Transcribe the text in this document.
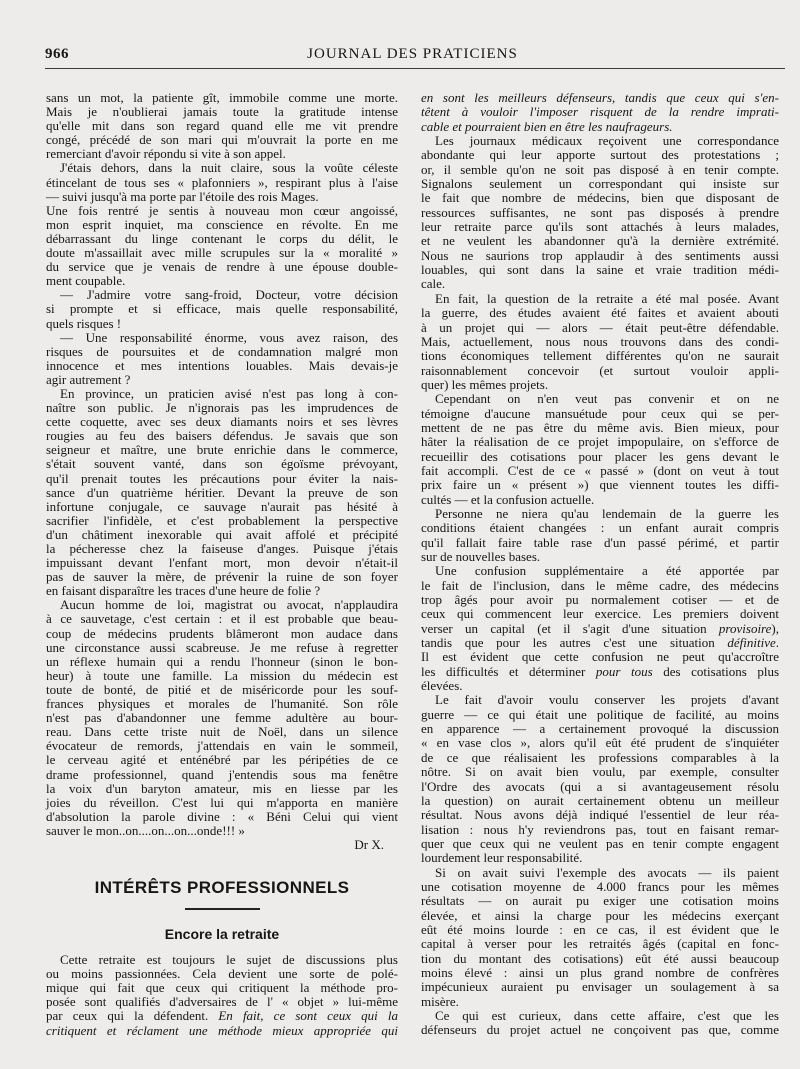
966	JOURNAL DES PRATICIENS
sans un mot, la patiente gît, immobile comme une morte.
Mais je n'oublierai jamais toute la gratitude intense
qu'elle mit dans son regard quand elle me vit prendre
congé, précédé de son mari qui m'ouvrait la porte en me
remerciant d'avoir répondu si vite à son appel.
J'étais dehors, dans la nuit claire, sous la voûte céleste
étincelant de tous ses « plafonniers », respirant plus à l'aise
— suivi jusqu'à ma porte par l'étoile des rois Mages.
Une fois rentré je sentis à nouveau mon cœur angoissé,
mon esprit inquiet, ma conscience en révolte. En me
débarrassant du linge contenant le corps du délit, le
doute m'assaillait avec mille scrupules sur la « moralité »
du service que je venais de rendre à une épouse double-
ment coupable.
— J'admire votre sang-froid, Docteur, votre décision
si prompte et si efficace, mais quelle responsabilité,
quels risques !
— Une responsabilité énorme, vous avez raison, des
risques de poursuites et de condamnation malgré mon
innocence et mes intentions louables. Mais devais-je
agir autrement ?
En province, un praticien avisé n'est pas long à con-
naître son public. Je n'ignorais pas les imprudences de
cette coquette, avec ses deux diamants noirs et ses lèvres
rougies au feu des baisers défendus. Je savais que son
seigneur et maître, une brute enrichie dans le commerce,
s'était souvent vanté, dans son égoïsme prévoyant,
qu'il prenait toutes les précautions pour éviter la nais-
sance d'un quatrième héritier. Devant la preuve de son
infortune conjugale, ce sauvage n'aurait pas hésité à
sacrifier l'infidèle, et c'est probablement la perspective
d'un châtiment inexorable qui avait affolé et précipité
la pécheresse chez la faiseuse d'anges. Puisque j'étais
impuissant devant l'enfant mort, mon devoir n'était-il
pas de sauver la mère, de prévenir la ruine de son foyer
en faisant disparaître les traces d'une heure de folie ?
Aucun homme de loi, magistrat ou avocat, n'applaudira
à ce sauvetage, c'est certain : et il est probable que beau-
coup de médecins prudents blâmeront mon audace dans
une circonstance aussi scabreuse. Je me refuse à regretter
un réflexe humain qui a rendu l'honneur (sinon le bon-
heur) à toute une famille. La mission du médecin est
toute de bonté, de pitié et de miséricorde pour les souf-
frances physiques et morales de l'humanité. Son rôle
n'est pas d'abandonner une femme adultère au bour-
reau. Dans cette triste nuit de Noël, dans un silence
évocateur de remords, j'attendais en vain le sommeil,
le cerveau agité et enténébré par les péripéties de ce
drame professionnel, quand j'entendis sous ma fenêtre
la voix d'un baryton amateur, mis en liesse par les
joies du réveillon. C'est lui qui m'apporta en manière
d'absolution la parole divine : « Béni Celui qui vient
sauver le mon..on....on...on...onde!!! »
Dr X.
INTÉRÊTS PROFESSIONNELS
Encore la retraite
Cette retraite est toujours le sujet de discussions plus
ou moins passionnées. Cela devient une sorte de polé-
mique qui fait que ceux qui critiquent la méthode pro-
posée sont qualifiés d'adversaires de l' « objet » lui-même
par ceux qui la défendent. En fait, ce sont ceux qui la
critiquent et réclament une méthode mieux appropriée qui
en sont les meilleurs défenseurs, tandis que ceux qui s'en-
têtent à vouloir l'imposer risquent de la rendre imprati-
cable et pourraient bien en être les naufrageurs.
Les journaux médicaux reçoivent une correspondance
abondante qui leur apporte surtout des protestations ;
or, il semble qu'on ne soit pas disposé à en tenir compte.
Signalons seulement un correspondant qui insiste sur
le fait que nombre de médecins, bien que disposant de
ressources suffisantes, ne sont pas disposés à prendre
leur retraite parce qu'ils sont attachés à leurs malades,
et ne veulent les abandonner qu'à la dernière extrémité.
Nous ne saurions trop applaudir à des sentiments aussi
louables, qui sont dans la saine et vraie tradition médi-
cale.
En fait, la question de la retraite a été mal posée. Avant
la guerre, des études avaient été faites et avaient abouti
à un projet qui — alors — était peut-être défendable.
Mais, actuellement, nous nous trouvons dans des condi-
tions économiques tellement différentes qu'on ne saurait
raisonnablement concevoir (et surtout vouloir appli-
quer) les mêmes projets.
Cependant on n'en veut pas convenir et on ne
témoigne d'aucune mansuétude pour ceux qui se per-
mettent de ne pas être du même avis. Bien mieux, pour
hâter la réalisation de ce projet impopulaire, on s'efforce de
recueillir des cotisations pour placer les gens devant le
fait accompli. C'est de ce « passé » (dont on veut à tout
prix faire un « présent ») que viennent toutes les diffi-
cultés — et la confusion actuelle.
Personne ne niera qu'au lendemain de la guerre les
conditions étaient changées : un enfant aurait compris
qu'il fallait faire table rase d'un passé périmé, et partir
sur de nouvelles bases.
Une confusion supplémentaire a été apportée par
le fait de l'inclusion, dans le même cadre, des médecins
trop âgés pour avoir pu normalement cotiser — et de
ceux qui commencent leur exercice. Les premiers doivent
verser un capital (et il s'agit d'une situation provisoire),
tandis que pour les autres c'est une situation définitive.
Il est évident que cette confusion ne peut qu'accroître
les difficultés et déterminer pour tous des cotisations plus
élevées.
Le fait d'avoir voulu conserver les projets d'avant
guerre — ce qui était une politique de facilité, au moins
en apparence — a certainement provoqué la discussion
« en vase clos », alors qu'il eût été prudent de s'inquiéter
de ce que réalisaient les professions comparables à la
nôtre. Si on avait bien voulu, par exemple, consulter
l'Ordre des avocats (qui a si avantageusement résolu
la question) on aurait certainement obtenu un meilleur
résultat. Nous avons déjà indiqué l'essentiel de leur réa-
lisation : nous h'y reviendrons pas, tout en faisant remar-
quer que ceux qui ne veulent pas en tenir compte engagent
lourdement leur responsabilité.
Si on avait suivi l'exemple des avocats — ils paient
une cotisation moyenne de 4.000 francs pour les mêmes
résultats — on aurait pu exiger une cotisation moins
élevée, et ainsi la charge pour les médecins exerçant
eût été moins lourde : en ce cas, il est évident que le
capital à verser pour les retraités âgés (capital en fonc-
tion du montant des cotisations) eût été aussi beaucoup
moins élevé : ainsi un plus grand nombre de confrères
impécunieux auraient pu envisager un soulagement à sa
misère.
Ce qui est curieux, dans cette affaire, c'est que les
défenseurs du projet actuel ne conçoivent pas que, comme
